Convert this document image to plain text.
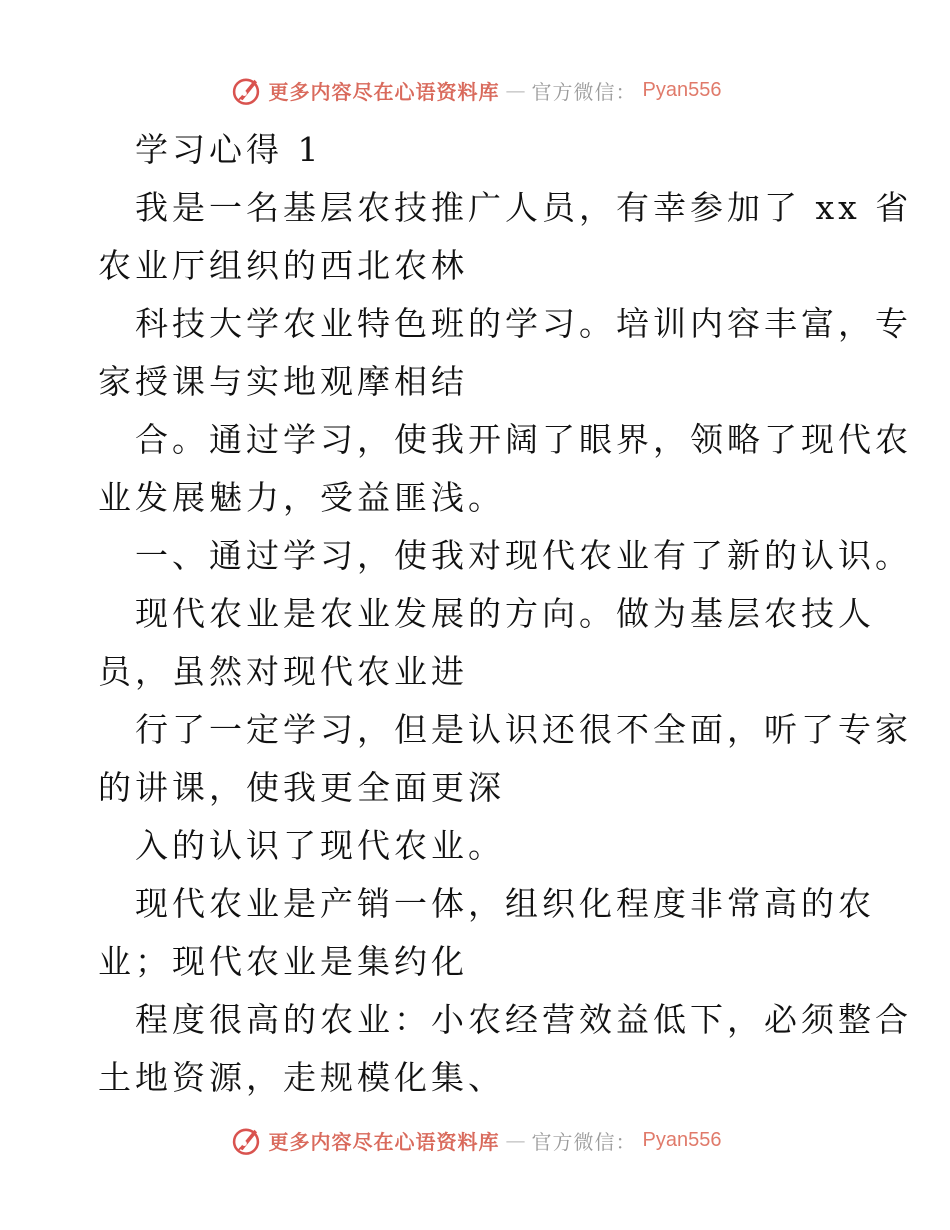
更多内容尽在心语资料库 — 官方微信： Pyan556
学习心得 1
我是一名基层农技推广人员，有幸参加了 xx 省
农业厅组织的西北农林
科技大学农业特色班的学习。培训内容丰富，专
家授课与实地观摩相结
合。通过学习，使我开阔了眼界，领略了现代农
业发展魅力，受益匪浅。
一、通过学习，使我对现代农业有了新的认识。
现代农业是农业发展的方向。做为基层农技人
员，虽然对现代农业进
行了一定学习，但是认识还很不全面，听了专家
的讲课，使我更全面更深
入的认识了现代农业。
现代农业是产销一体，组织化程度非常高的农
业；现代农业是集约化
程度很高的农业：小农经营效益低下，必须整合
土地资源，走规模化集、
更多内容尽在心语资料库 — 官方微信： Pyan556
